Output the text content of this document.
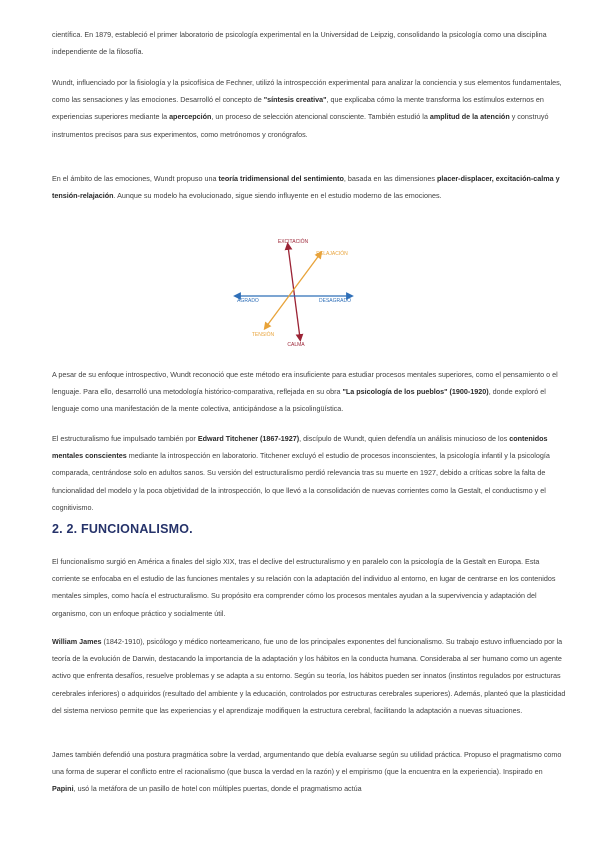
científica. En 1879, estableció el primer laboratorio de psicología experimental en la Universidad de Leipzig, consolidando la psicología como una disciplina independiente de la filosofía.
Wundt, influenciado por la fisiología y la psicofísica de Fechner, utilizó la introspección experimental para analizar la conciencia y sus elementos fundamentales, como las sensaciones y las emociones. Desarrolló el concepto de "síntesis creativa", que explicaba cómo la mente transforma los estímulos externos en experiencias superiores mediante la apercepción, un proceso de selección atencional consciente. También estudió la amplitud de la atención y construyó instrumentos precisos para sus experimentos, como metrónomos y cronógrafos.
En el ámbito de las emociones, Wundt propuso una teoría tridimensional del sentimiento, basada en las dimensiones placer-displacer, excitación-calma y tensión-relajación. Aunque su modelo ha evolucionado, sigue siendo influyente en el estudio moderno de las emociones.
EXCITACIÓN
CALMA
AGRADO	DESAGRADO
RELAJACIÓN
TENSIÓN
A pesar de su enfoque introspectivo, Wundt reconoció que este método era insuficiente para estudiar procesos mentales superiores, como el pensamiento o el lenguaje. Para ello, desarrolló una metodología histórico-comparativa, reflejada en su obra "La psicología de los pueblos" (1900-1920), donde exploró el lenguaje como una manifestación de la mente colectiva, anticipándose a la psicolingüística.
El estructuralismo fue impulsado también por Edward Titchener (1867-1927), discípulo de Wundt, quien defendía un análisis minucioso de los contenidos mentales conscientes mediante la introspección en laboratorio. Titchener excluyó el estudio de procesos inconscientes, la psicología infantil y la psicología comparada, centrándose solo en adultos sanos. Su versión del estructuralismo perdió relevancia tras su muerte en 1927, debido a críticas sobre la falta de funcionalidad del modelo y la poca objetividad de la introspección, lo que llevó a la consolidación de nuevas corrientes como la Gestalt, el conductismo y el cognitivismo.
2. 2. FUNCIONALISMO.
El funcionalismo surgió en América a finales del siglo XIX, tras el declive del estructuralismo y en paralelo con la psicología de la Gestalt en Europa. Esta corriente se enfocaba en el estudio de las funciones mentales y su relación con la adaptación del individuo al entorno, en lugar de centrarse en los contenidos mentales simples, como hacía el estructuralismo. Su propósito era comprender cómo los procesos mentales ayudan a la supervivencia y adaptación del organismo, con un enfoque práctico y socialmente útil.
William James (1842-1910), psicólogo y médico norteamericano, fue uno de los principales exponentes del funcionalismo. Su trabajo estuvo influenciado por la teoría de la evolución de Darwin, destacando la importancia de la adaptación y los hábitos en la conducta humana. Consideraba al ser humano como un agente activo que enfrenta desafíos, resuelve problemas y se adapta a su entorno. Según su teoría, los hábitos pueden ser innatos (instintos regulados por estructuras cerebrales inferiores) o adquiridos (resultado del ambiente y la educación, controlados por estructuras cerebrales superiores). Además, planteó que la plasticidad del sistema nervioso permite que las experiencias y el aprendizaje modifiquen la estructura cerebral, facilitando la adaptación a nuevas situaciones.
James también defendió una postura pragmática sobre la verdad, argumentando que debía evaluarse según su utilidad práctica. Propuso el pragmatismo como una forma de superar el conflicto entre el racionalismo (que busca la verdad en la razón) y el empirismo (que la encuentra en la experiencia). Inspirado en Papini, usó la metáfora de un pasillo de hotel con múltiples puertas, donde el pragmatismo actúa
